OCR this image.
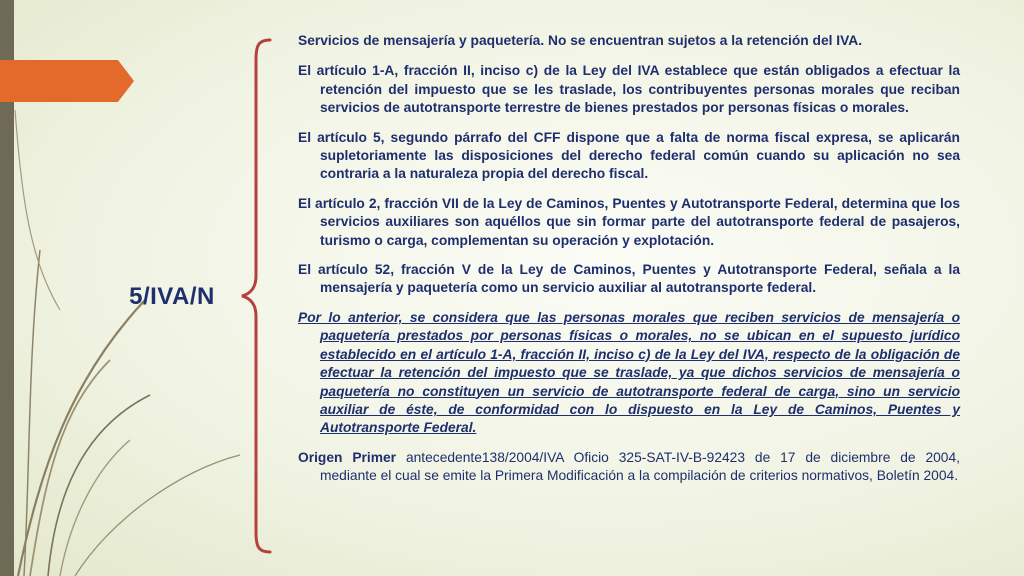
5/IVA/N

Servicios de mensajería y paquetería. No se encuentran sujetos a la retención del IVA.

El artículo 1-A, fracción II, inciso c) de la Ley del IVA establece que están obligados a efectuar la retención del impuesto que se les traslade, los contribuyentes personas morales que reciban servicios de autotransporte terrestre de bienes prestados por personas físicas o morales.

El artículo 5, segundo párrafo del CFF dispone que a falta de norma fiscal expresa, se aplicarán supletoriamente las disposiciones del derecho federal común cuando su aplicación no sea contraria a la naturaleza propia del derecho fiscal.

El artículo 2, fracción VII de la Ley de Caminos, Puentes y Autotransporte Federal, determina que los servicios auxiliares son aquéllos que sin formar parte del autotransporte federal de pasajeros, turismo o carga, complementan su operación y explotación.

El artículo 52, fracción V de la Ley de Caminos, Puentes y Autotransporte Federal, señala a la mensajería y paquetería como un servicio auxiliar al autotransporte federal.

Por lo anterior, se considera que las personas morales que reciben servicios de mensajería o paquetería prestados por personas físicas o morales, no se ubican en el supuesto jurídico establecido en el artículo 1-A, fracción II, inciso c) de la Ley del IVA, respecto de la obligación de efectuar la retención del impuesto que se traslade, ya que dichos servicios de mensajería o paquetería no constituyen un servicio de autotransporte federal de carga, sino un servicio auxiliar de éste, de conformidad con lo dispuesto en la Ley de Caminos, Puentes y Autotransporte Federal.

Origen Primer antecedente138/2004/IVA Oficio 325-SAT-IV-B-92423 de 17 de diciembre de 2004, mediante el cual se emite la Primera Modificación a la compilación de criterios normativos, Boletín 2004.
